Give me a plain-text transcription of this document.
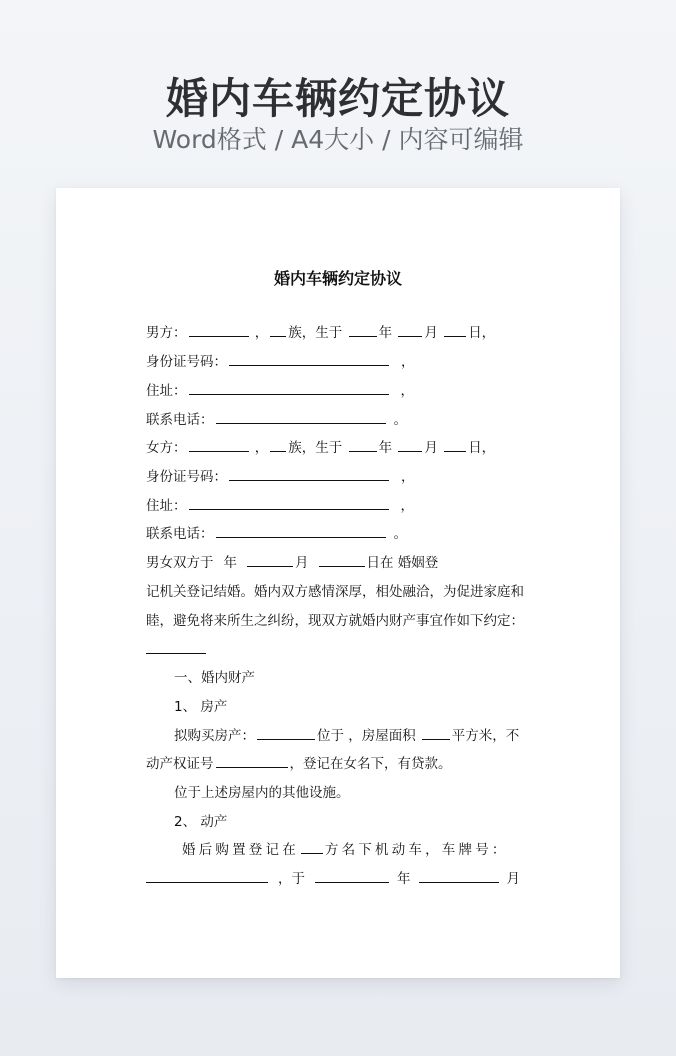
婚内车辆约定协议
Word格式 / A4大小 / 内容可编辑
婚内车辆约定协议
男方：	， 族，生于	年 月 日，
身份证号码：	，
住址：	，
联系电话：	。
女方：	， 族，生于	年 月 日，
身份证号码：	，
住址：	，
联系电话：	。
男女双方于 年	月	日在 婚姻登
记机关登记结婚。婚内双方感情深厚，相处融洽，为促进家庭和
睦，避免将来所生之纠纷，现双方就婚内财产事宜作如下约定：
一、婚内财产
1、 房产
拟购买房产：	位于 ，房屋面积	平方米，不
动产权证号	，登记在女名下，有贷款。
位于上述房屋内的其他设施。
2、 动产
婚后购置登记在 方名下机动车，车牌号：
，于	年	月
